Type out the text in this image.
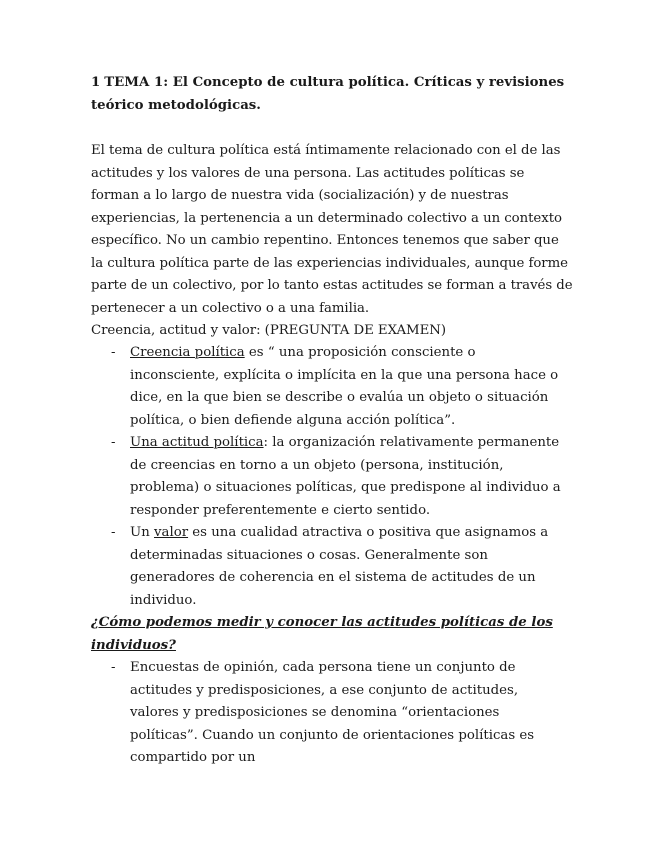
1 TEMA 1: El Concepto de cultura política. Críticas y revisiones teórico metodológicas.

El tema de cultura política está íntimamente relacionado con el de las actitudes y los valores de una persona. Las actitudes políticas se forman a lo largo de nuestra vida (socialización) y de nuestras experiencias, la pertenencia a un determinado colectivo a un contexto específico. No un cambio repentino. Entonces tenemos que saber que la cultura política parte de las experiencias individuales, aunque forme parte de un colectivo, por lo tanto estas actitudes se forman a través de pertenecer a un colectivo o a una familia.
Creencia, actitud y valor: (PREGUNTA DE EXAMEN)

- Creencia política es “ una proposición consciente o inconsciente, explícita o implícita en la que una persona hace o dice, en la que bien se describe o evalúa un objeto o situación política, o bien defiende alguna acción política”.
- Una actitud política: la organización relativamente permanente de creencias en torno a un objeto (persona, institución, problema) o situaciones políticas, que predispone al individuo a responder preferentemente e cierto sentido.
- Un valor es una cualidad atractiva o positiva que asignamos a determinadas situaciones o cosas. Generalmente son generadores de coherencia en el sistema de actitudes de un individuo.

¿Cómo podemos medir y conocer las actitudes políticas de los individuos?

- Encuestas de opinión, cada persona tiene un conjunto de actitudes y predisposiciones, a ese conjunto de actitudes, valores y predisposiciones se denomina “orientaciones políticas”. Cuando un conjunto de orientaciones políticas es compartido por un
